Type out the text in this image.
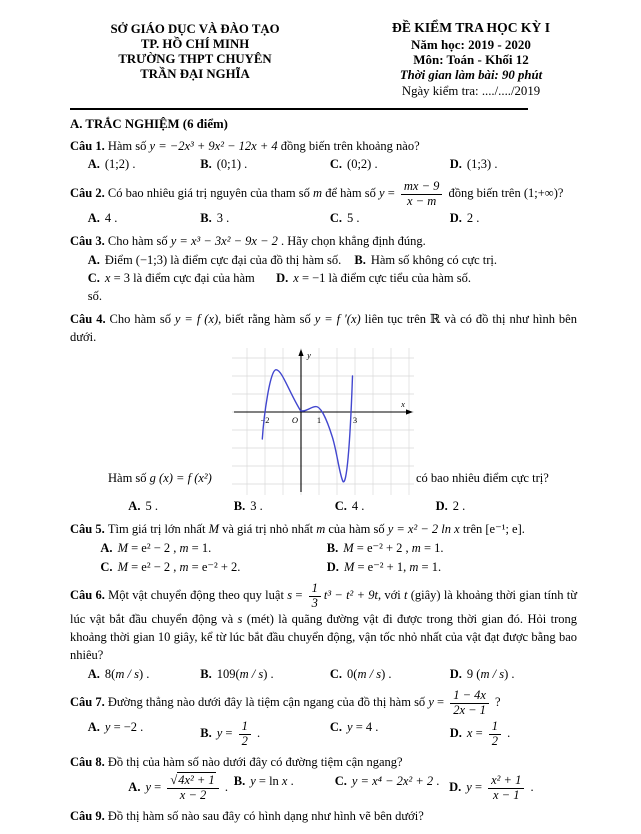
SỞ GIÁO DỤC VÀ ĐÀO TẠO
TP. HỒ CHÍ MINH
TRƯỜNG THPT CHUYÊN
TRẦN ĐẠI NGHĨA
ĐỀ KIỂM TRA HỌC KỲ I
Năm học: 2019 - 2020
Môn: Toán - Khối 12
Thời gian làm bài: 90 phút
Ngày kiểm tra: ..../..../2019
A. TRẮC NGHIỆM (6 điểm)
Câu 1. Hàm số y = −2x³ + 9x² − 12x + 4 đồng biến trên khoảng nào?
A. (1;2) .	B. (0;1) .	C. (0;2) .	D. (1;3) .
Câu 2. Có bao nhiêu giá trị nguyên của tham số m để hàm số $y = \frac{mx - 9}{x - m}$ đồng biến trên (1;+∞)?
A. 4 .	B. 3 .	C. 5 .	D. 2 .
Câu 3. Cho hàm số y = x³ − 3x² − 9x − 2 . Hãy chọn khẳng định đúng.
A. Điểm (−1;3) là điểm cực đại của đồ thị hàm số.	B. Hàm số không có cực trị.
C. x = 3 là điểm cực đại của hàm số.
D. x = −1 là điểm cực tiểu của hàm số.
Câu 4. Cho hàm số y = f (x), biết rằng hàm số y = f ′(x) liên tục trên ℝ và có đồ thị như hình bên dưới.
Hàm số g (x) = f (x²)
x
y
O
−2	1	3
có bao nhiêu điểm cực trị?
A. 5 .	B. 3 .	C. 4 .	D. 2 .
Câu 5. Tìm giá trị lớn nhất M và giá trị nhỏ nhất m của hàm số y = x² − 2 ln x trên [e⁻¹; e].
A. M = e² − 2 , m = 1.	B. M = e⁻² + 2 , m = 1.
C. M = e² − 2 , m = e⁻² + 2.	D. M = e⁻² + 1, m = 1.
Câu 6. Một vật chuyển động theo quy luật $s = \frac{1}{3} t^3 - t^2 + 9t$, với t (giây) là khoảng thời gian tính từ lúc vật bắt đầu chuyển động và s (mét) là quãng đường vật đi được trong thời gian đó. Hỏi trong khoảng thời gian 10 giây, kể từ lúc bắt đầu chuyển động, vận tốc nhỏ nhất của vật đạt được bằng bao nhiêu?
A. 8(m / s) .	B. 109(m / s) .	C. 0(m / s) .	D. 9 (m / s) .
Câu 7. Đường thẳng nào dưới đây là tiệm cận ngang của đồ thị hàm số $y = \frac{1 - 4x}{2x - 1}$ ?
A. y = −2 .	B. $y = \frac{1}{2}$ .	C. y = 4 .	D. $x = \frac{1}{2}$ .
Câu 8. Đồ thị của hàm số nào dưới đây có đường tiệm cận ngang?
A. $y = \frac{\text{√4x² + 1}}{x - 2}$ . B. y = ln x .	C. y = x⁴ − 2x² + 2 . D. $y = \frac{\text{x² + 1}}{x - 1}$ .
Câu 9. Đồ thị hàm số nào sau đây có hình dạng như hình vẽ bên dưới?
